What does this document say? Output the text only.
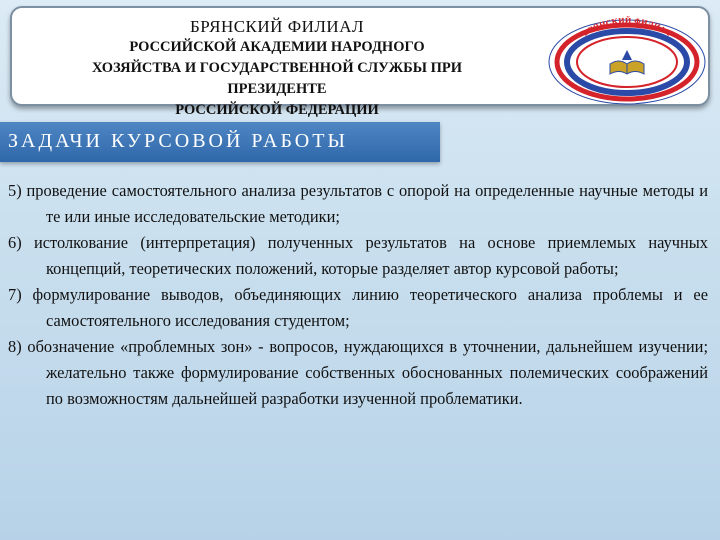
БРЯНСКИЙ ФИЛИАЛ
РОССИЙСКОЙ АКАДЕМИИ НАРОДНОГО
ХОЗЯЙСТВА И ГОСУДАРСТВЕННОЙ СЛУЖБЫ ПРИ
ПРЕЗИДЕНТЕ
РОССИЙСКОЙ ФЕДЕРАЦИИ
БРЯНСКИЙ ФИЛИАЛ
ЗАДАЧИ КУРСОВОЙ РАБОТЫ
5) проведение самостоятельного анализа результатов с опорой на определенные научные методы и те или иные исследовательские методики;
6) истолкование (интерпретация) полученных результатов на основе приемлемых научных концепций, теоретических положений, которые разделяет автор курсовой работы;
7) формулирование выводов, объединяющих линию теоретического анализа проблемы и ее самостоятельного исследования студентом;
8) обозначение «проблемных зон» - вопросов, нуждающихся в уточнении, дальнейшем изучении; желательно также формулирование собственных обоснованных полемических соображений по возможностям дальнейшей разработки изученной проблематики.
